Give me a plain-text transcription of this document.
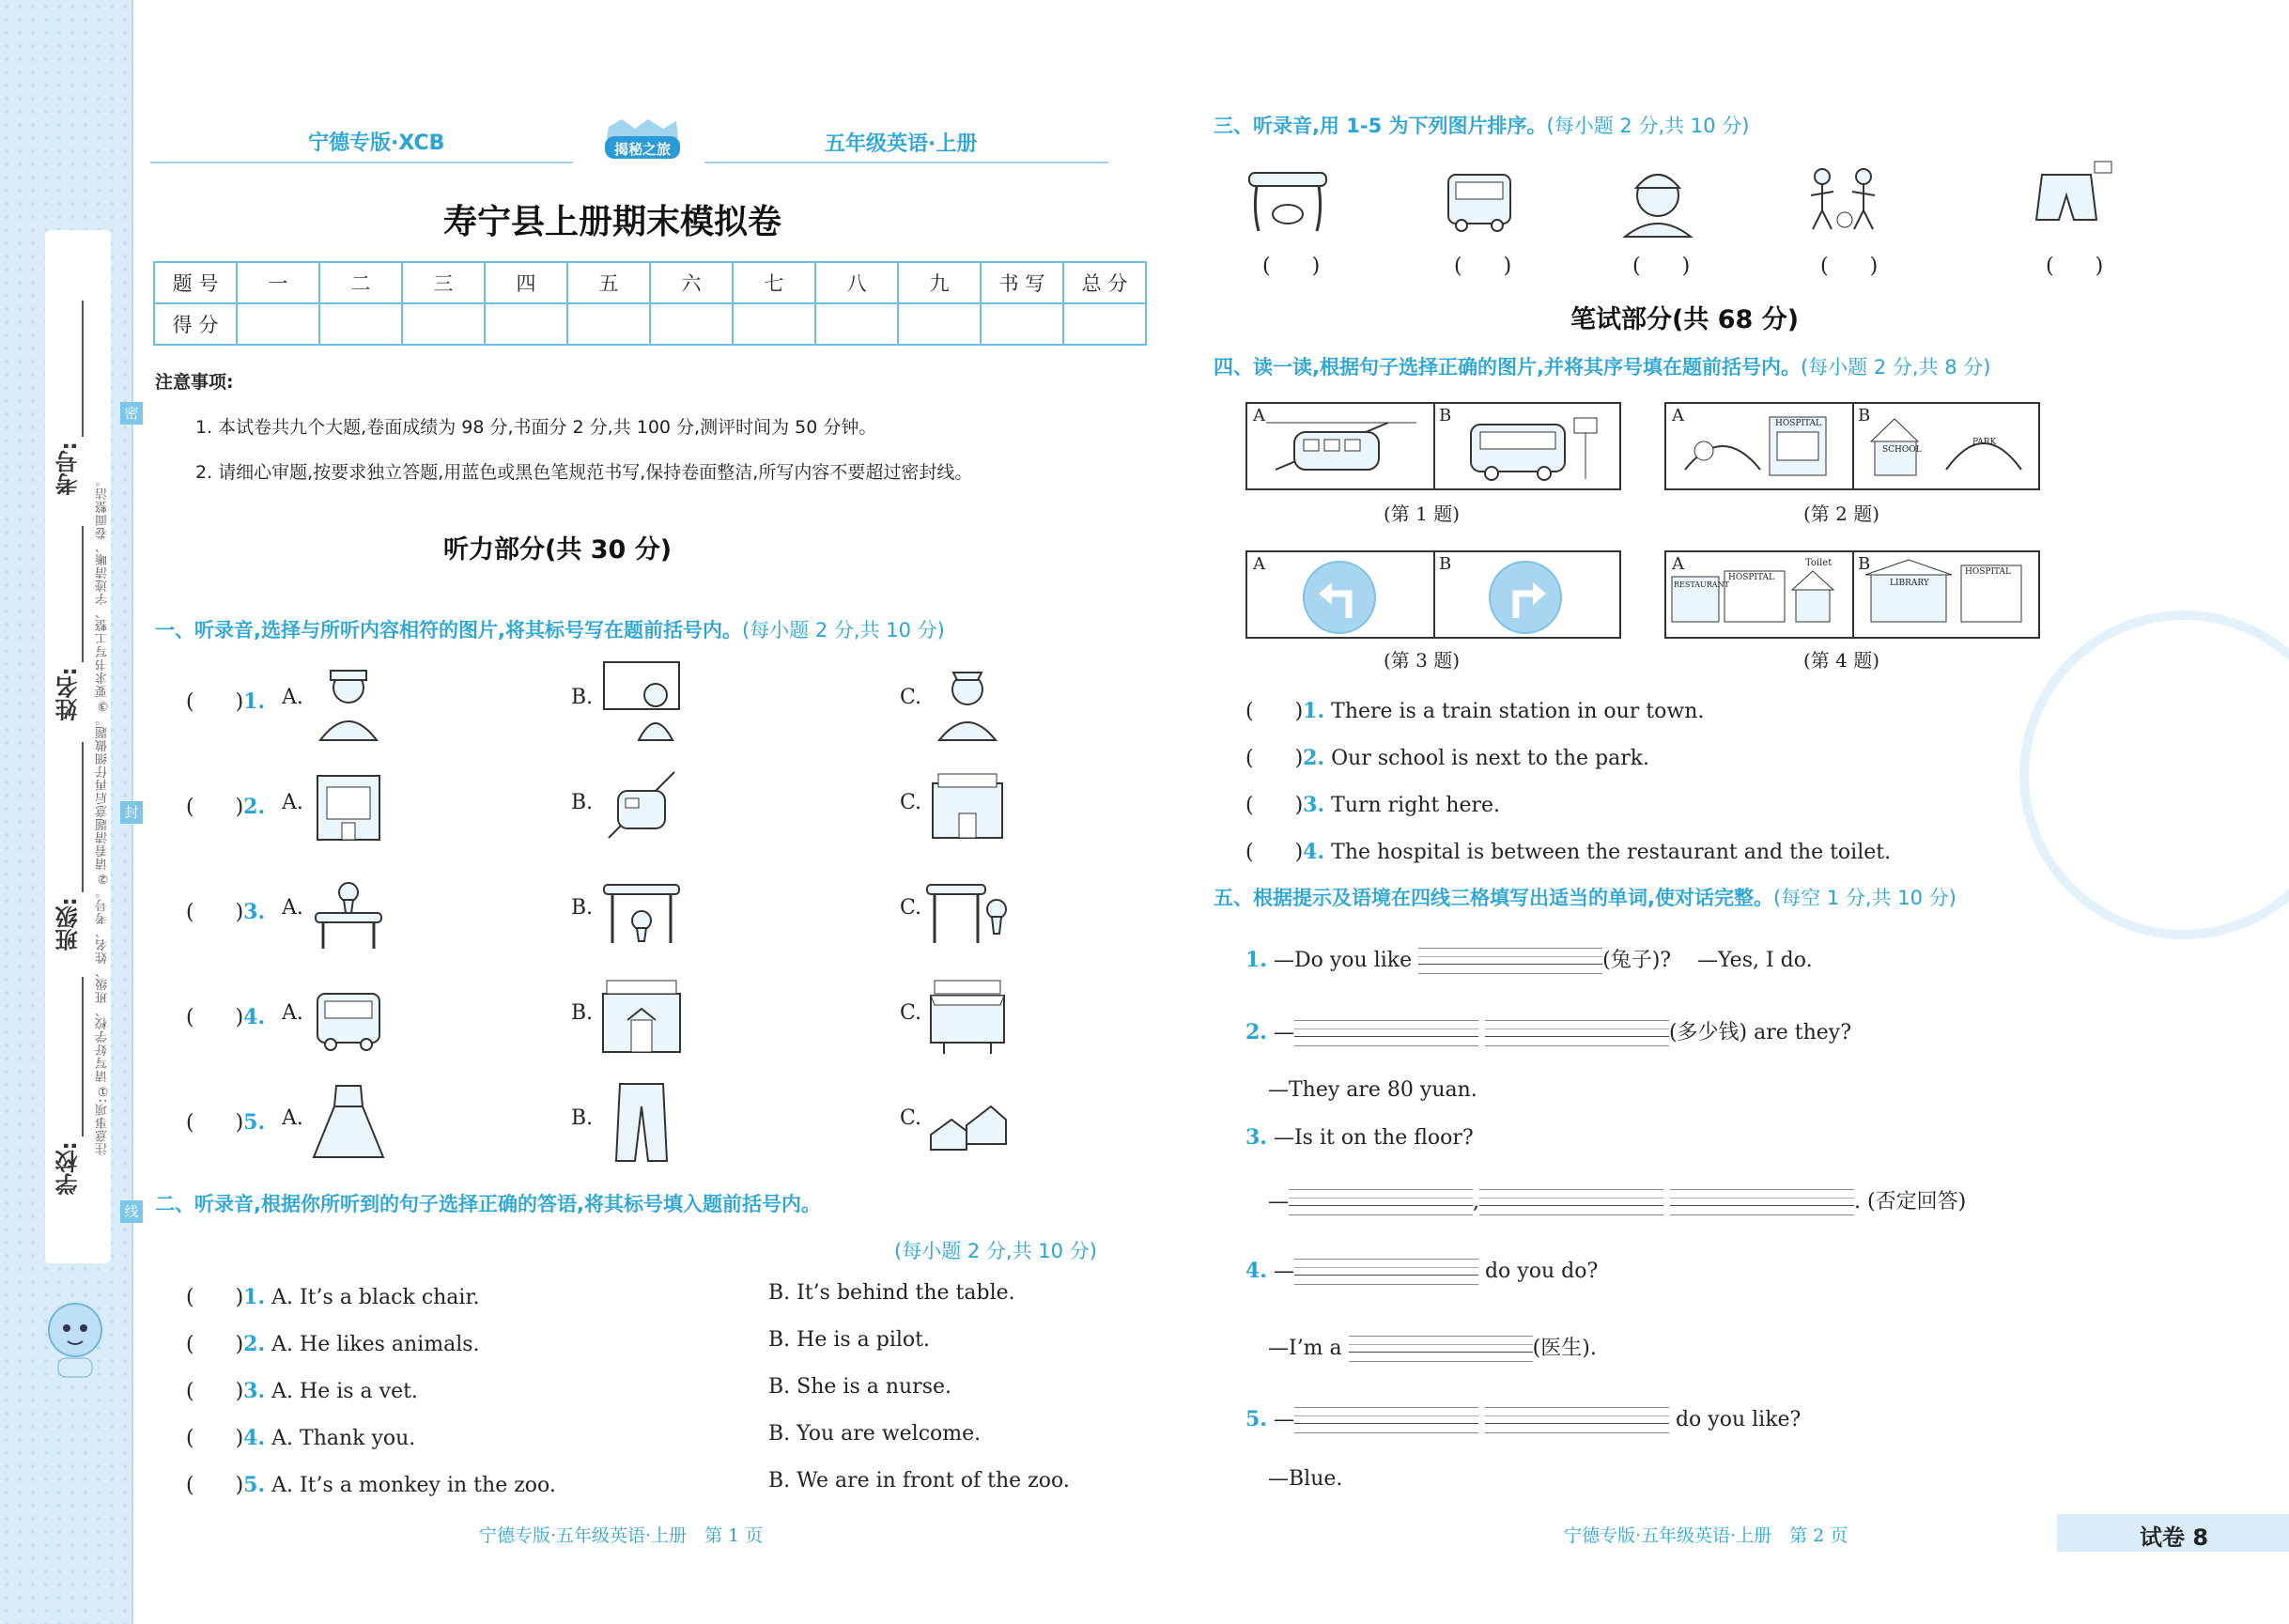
学校:
班级:
姓名:
考号:
注意事项:①请写好学校、班级、姓名、考号。②请看清题意后再仔细做题。③要求书写工整、字迹清晰、卷面整洁。
密
封
线
宁德专版·XCB	揭秘之旅	五年级英语·上册
寿宁县上册期末模拟卷
题 号	一	二	三	四	五	六	七	八	九	书 写	总 分
得 分											
注意事项:
1. 本试卷共九个大题,卷面成绩为 98 分,书面分 2 分,共 100 分,测评时间为 50 分钟。
2. 请细心审题,按要求独立答题,用蓝色或黑色笔规范书写,保持卷面整洁,所写内容不要超过密封线。
听力部分(共 30 分)
一、听录音,选择与所听内容相符的图片,将其标号写在题前括号内。(每小题 2 分,共 10 分)
(　　)1. A.	B.	C.
(　　)2. A.	B.	C.
(　　)3. A.	B.	C.
(　　)4. A.	B.	C.
(　　)5. A.	B.	C.
二、听录音,根据你所听到的句子选择正确的答语,将其标号填入题前括号内。
(每小题 2 分,共 10 分)
(　　)1. A. It’s a black chair.	B. It’s behind the table.
(　　)2. A. He likes animals.	B. He is a pilot.
(　　)3. A. He is a vet.	B. She is a nurse.
(　　)4. A. Thank you.	B. You are welcome.
(　　)5. A. It’s a monkey in the zoo.	B. We are in front of the zoo.
宁德专版·五年级英语·上册　第 1 页
三、听录音,用 1-5 为下列图片排序。(每小题 2 分,共 10 分)
(　　)	(　　)	(　　)	(　　)	(　　)
笔试部分(共 68 分)
四、读一读,根据句子选择正确的图片,并将其序号填在题前括号内。(每小题 2 分,共 8 分)
A	B
(第 1 题)
A	HOSPITAL B
SCHOOL
PARK
(第 2 题)
A	B
(第 3 题)
A
RESTAURANT
HOSPITAL
Toilet B
LIBRARY
HOSPITAL
(第 4 题)
(　　)1. There is a train station in our town.
(　　)2. Our school is next to the park.
(　　)3. Turn right here.
(　　)4. The hospital is between the restaurant and the toilet.
五、根据提示及语境在四线三格填写出适当的单词,使对话完整。(每空 1 分,共 10 分)
1. —Do you like	(兔子)? —Yes, I do.
2. —	(多少钱) are they?
—They are 80 yuan.
3. —Is it on the floor?
—	,	. (否定回答)
4. —	do you do?
—I’m a	(医生).
5. —	do you like?
—Blue.
宁德专版·五年级英语·上册　第 2 页	试卷 8
